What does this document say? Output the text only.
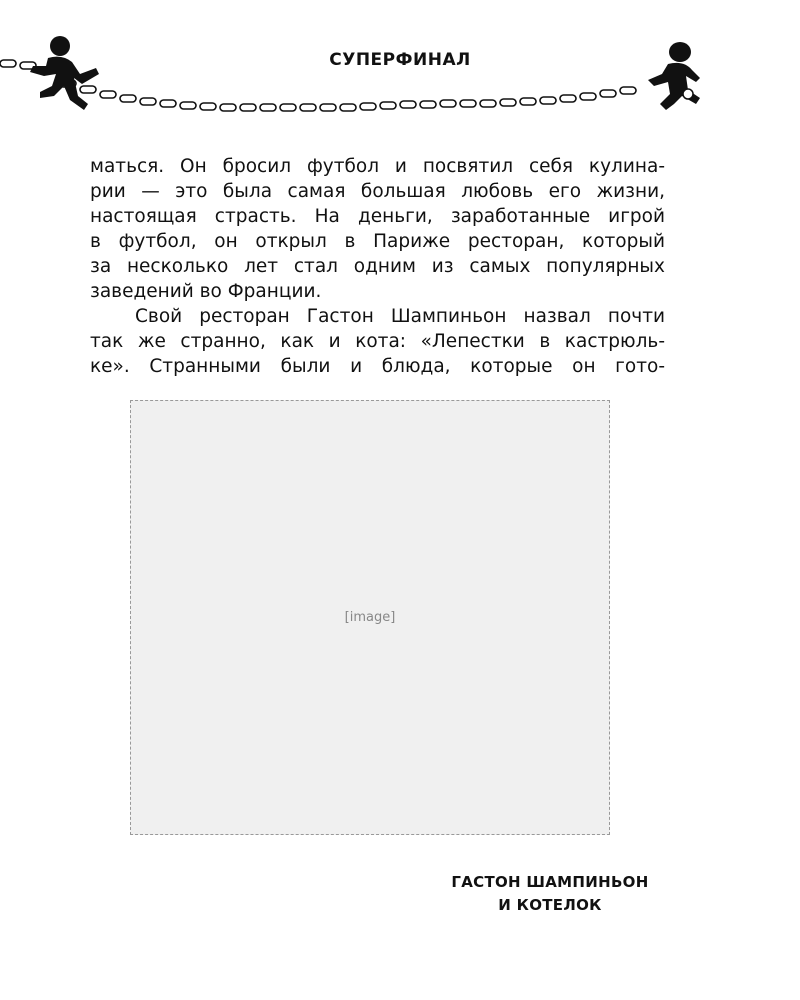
СУПЕРФИНАЛ
маться. Он бросил футбол и посвятил себя кулина-
рии — это была самая большая любовь его жизни,
настоящая страсть. На деньги, заработанные игрой
в футбол, он открыл в Париже ресторан, который
за несколько лет стал одним из самых популярных
заведений во Франции.
Свой ресторан Гастон Шампиньон назвал почти
так же странно, как и кота: «Лепестки в кастрюль-
ке». Странными были и блюда, которые он гото-
[image]
ГАСТОН ШАМПИНЬОН
И КОТЕЛОК
